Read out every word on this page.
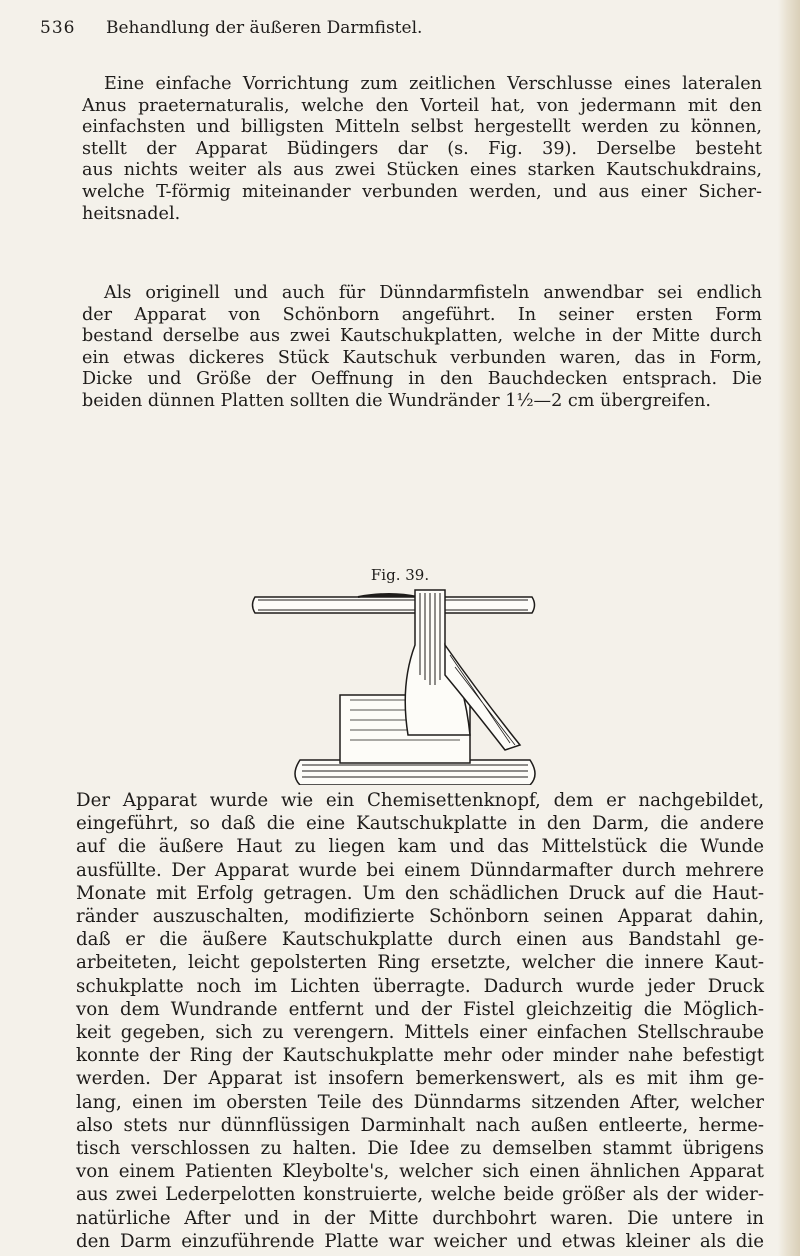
536 Behandlung der äußeren Darmfistel.
Eine einfache Vorrichtung zum zeitlichen Verschlusse eines lateralen
Anus praeternaturalis, welche den Vorteil hat, von jedermann mit den
einfachsten und billigsten Mitteln selbst hergestellt werden zu können,
stellt der Apparat Büdingers dar (s. Fig. 39). Derselbe besteht
aus nichts weiter als aus zwei Stücken eines starken Kautschukdrains,
welche T-förmig miteinander verbunden werden, und aus einer Sicher-
heitsnadel.
Als originell und auch für Dünndarmfisteln anwendbar sei endlich
der Apparat von Schönborn angeführt. In seiner ersten Form
bestand derselbe aus zwei Kautschukplatten, welche in der Mitte durch
ein etwas dickeres Stück Kautschuk verbunden waren, das in Form,
Dicke und Größe der Oeffnung in den Bauchdecken entsprach. Die
beiden dünnen Platten sollten die Wundränder 1½—2 cm übergreifen.
Fig. 39.
Der Apparat wurde wie ein Chemisettenknopf, dem er nachgebildet,
eingeführt, so daß die eine Kautschukplatte in den Darm, die andere
auf die äußere Haut zu liegen kam und das Mittelstück die Wunde
ausfüllte. Der Apparat wurde bei einem Dünndarmafter durch mehrere
Monate mit Erfolg getragen. Um den schädlichen Druck auf die Haut-
ränder auszuschalten, modifizierte Schönborn seinen Apparat dahin,
daß er die äußere Kautschukplatte durch einen aus Bandstahl ge-
arbeiteten, leicht gepolsterten Ring ersetzte, welcher die innere Kaut-
schukplatte noch im Lichten überragte. Dadurch wurde jeder Druck
von dem Wundrande entfernt und der Fistel gleichzeitig die Möglich-
keit gegeben, sich zu verengern. Mittels einer einfachen Stellschraube
konnte der Ring der Kautschukplatte mehr oder minder nahe befestigt
werden. Der Apparat ist insofern bemerkenswert, als es mit ihm ge-
lang, einen im obersten Teile des Dünndarms sitzenden After, welcher
also stets nur dünnflüssigen Darminhalt nach außen entleerte, herme-
tisch verschlossen zu halten. Die Idee zu demselben stammt übrigens
von einem Patienten Kleybolte's, welcher sich einen ähnlichen Apparat
aus zwei Lederpelotten konstruierte, welche beide größer als der wider-
natürliche After und in der Mitte durchbohrt waren. Die untere in
den Darm einzuführende Platte war weicher und etwas kleiner als die
